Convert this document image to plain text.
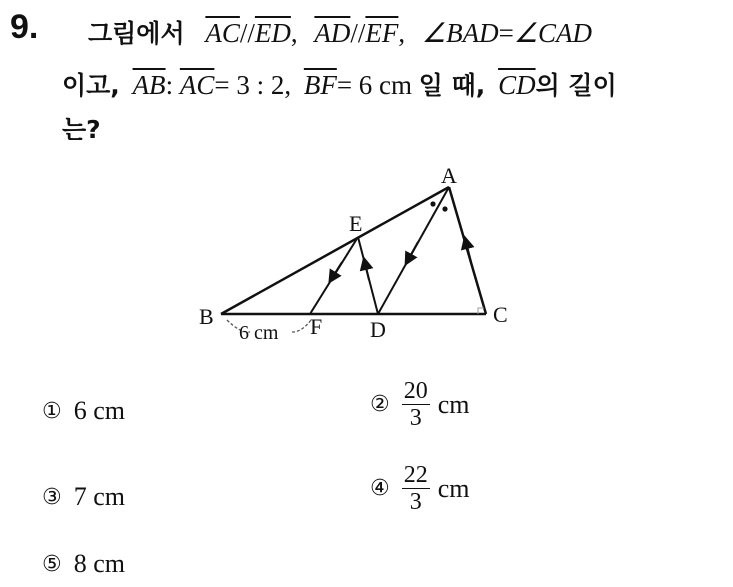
9. 그림에서 $\overline{AC}//\overline{ED}$, $\overline{AD}//\overline{EF}$, ∠BAD=∠CAD
이고, $\overline{AB}$: $\overline{AC}= 3$ : 2, $\overline{BF}= 6$ cm 일 때, $\overline{CD}$의 길이
는?
A
B	C
D
E
F
6 cm
① 6
cm	② $\frac{20}{3}$ cm
③ 7
cm	④ $\frac{22}{3}$ cm
⑤ 8
cm
